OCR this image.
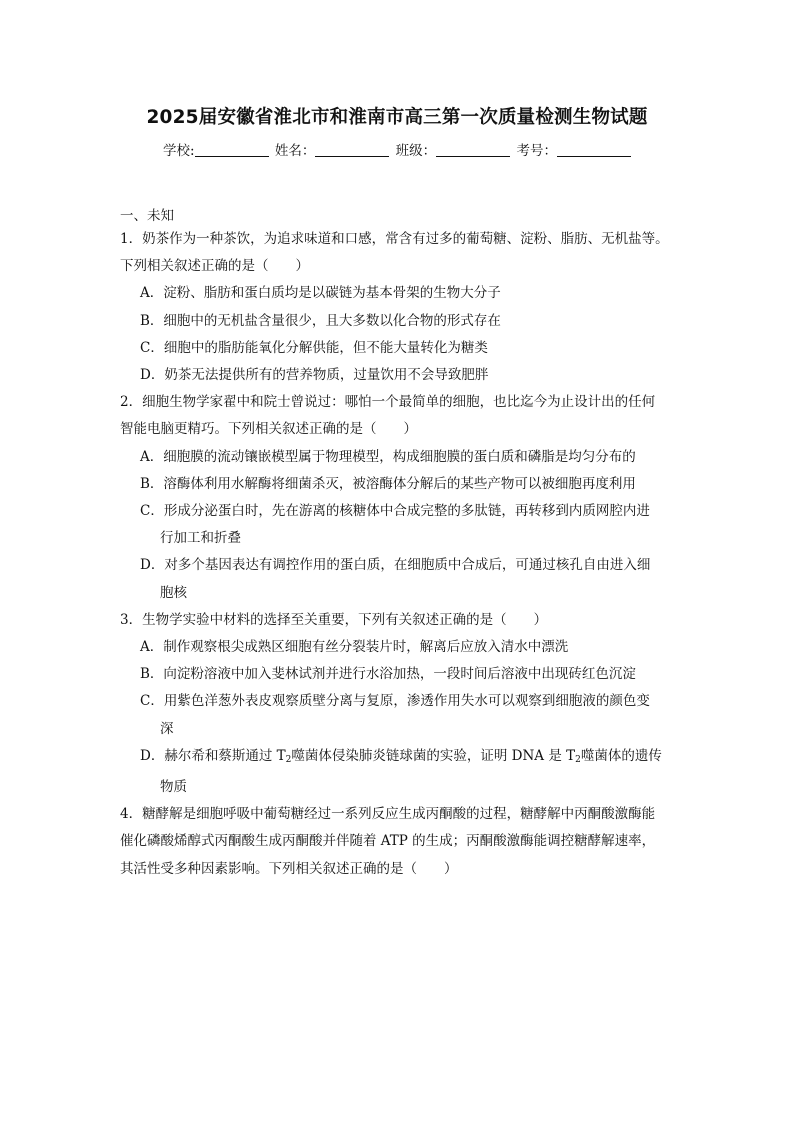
2025届安徽省淮北市和淮南市高三第一次质量检测生物试题
学校:	姓名：	班级：	考号：
一、未知
1．奶茶作为一种茶饮，为追求味道和口感，常含有过多的葡萄糖、淀粉、脂肪、无机盐等。
下列相关叙述正确的是（　　）
A．淀粉、脂肪和蛋白质均是以碳链为基本骨架的生物大分子
B．细胞中的无机盐含量很少，且大多数以化合物的形式存在
C．细胞中的脂肪能氧化分解供能，但不能大量转化为糖类
D．奶茶无法提供所有的营养物质，过量饮用不会导致肥胖
2．细胞生物学家翟中和院士曾说过：哪怕一个最简单的细胞，也比迄今为止设计出的任何
智能电脑更精巧。下列相关叙述正确的是（　　）
A．细胞膜的流动镶嵌模型属于物理模型，构成细胞膜的蛋白质和磷脂是均匀分布的
B．溶酶体利用水解酶将细菌杀灭，被溶酶体分解后的某些产物可以被细胞再度利用
C．形成分泌蛋白时，先在游离的核糖体中合成完整的多肽链，再转移到内质网腔内进
行加工和折叠
D．对多个基因表达有调控作用的蛋白质，在细胞质中合成后，可通过核孔自由进入细
胞核
3．生物学实验中材料的选择至关重要，下列有关叙述正确的是（　　）
A．制作观察根尖成熟区细胞有丝分裂装片时，解离后应放入清水中漂洗
B．向淀粉溶液中加入斐林试剂并进行水浴加热，一段时间后溶液中出现砖红色沉淀
C．用紫色洋葱外表皮观察质壁分离与复原，渗透作用失水可以观察到细胞液的颜色变
深
D．赫尔希和蔡斯通过 $T_2$噬菌体侵染肺炎链球菌的实验，证明 DNA 是 $T_2$噬菌体的遗传
物质
4．糖酵解是细胞呼吸中葡萄糖经过一系列反应生成丙酮酸的过程，糖酵解中丙酮酸激酶能
催化磷酸烯醇式丙酮酸生成丙酮酸并伴随着 ATP 的生成；丙酮酸激酶能调控糖酵解速率，
其活性受多种因素影响。下列相关叙述正确的是（　　）
